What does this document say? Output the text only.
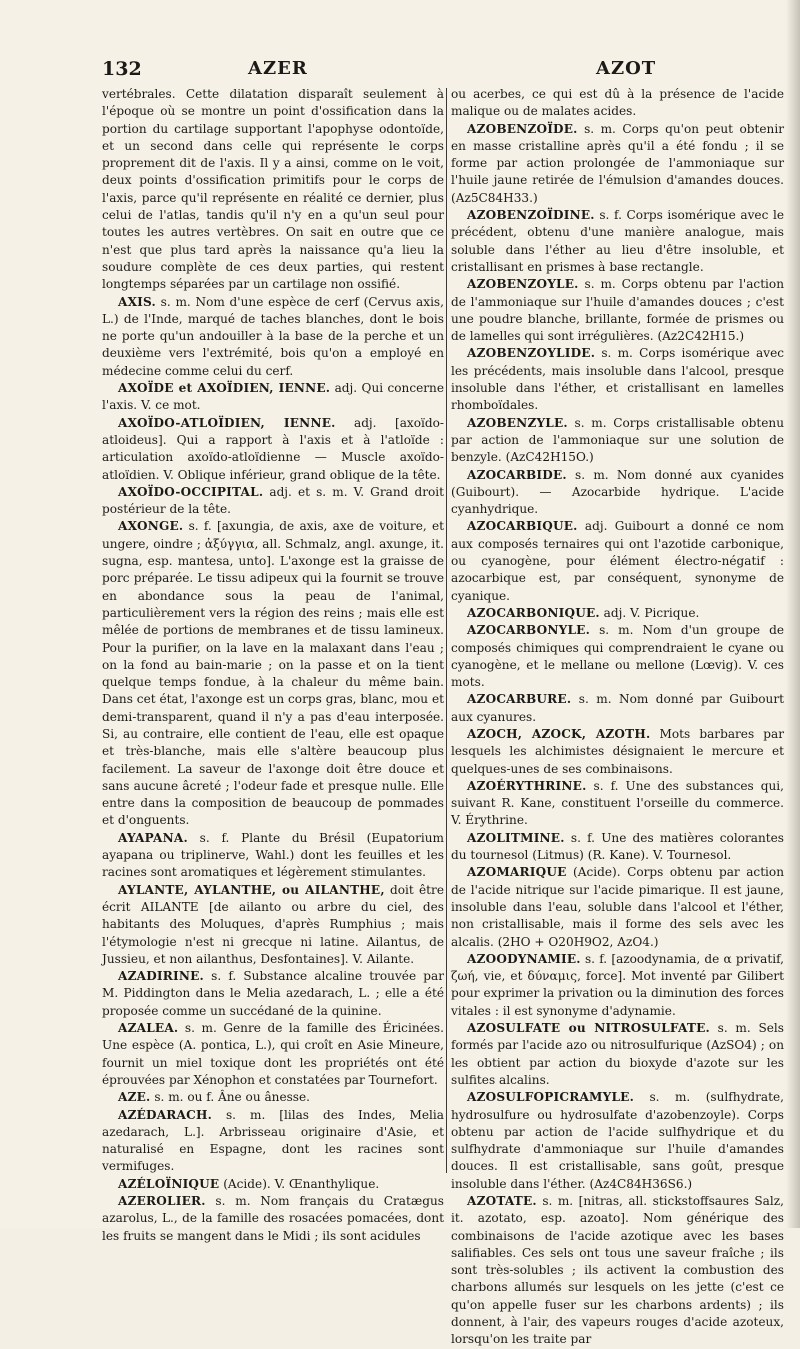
132	AZER	AZOT

vertébrales. Cette dilatation disparaît seulement à l'époque où se montre un point d'ossification dans la portion du cartilage supportant l'apophyse odontoïde, et un second dans celle qui représente le corps proprement dit de l'axis. Il y a ainsi, comme on le voit, deux points d'ossification primitifs pour le corps de l'axis, parce qu'il représente en réalité ce dernier, plus celui de l'atlas, tandis qu'il n'y en a qu'un seul pour toutes les autres vertèbres. On sait en outre que ce n'est que plus tard après la naissance qu'a lieu la soudure complète de ces deux parties, qui restent longtemps séparées par un cartilage non ossifié.

AXIS. s. m. Nom d'une espèce de cerf (Cervus axis, L.) de l'Inde, marqué de taches blanches, dont le bois ne porte qu'un andouiller à la base de la perche et un deuxième vers l'extrémité, bois qu'on a employé en médecine comme celui du cerf.

AXOÏDE et AXOÏDIEN, IENNE. adj. Qui concerne l'axis. V. ce mot.

AXOÏDO-ATLOÏDIEN, IENNE. adj. [axoïdo-atloideus]. Qui a rapport à l'axis et à l'atloïde : articulation axoïdo-atloïdienne — Muscle axoïdo-atloïdien. V. Oblique inférieur, grand oblique de la tête.

AXOÏDO-OCCIPITAL. adj. et s. m. V. Grand droit postérieur de la tête.

AXONGE. s. f. [axungia, de axis, axe de voiture, et ungere, oindre ; ἀξύγγια, all. Schmalz, angl. axunge, it. sugna, esp. mantesa, unto]. L'axonge est la graisse de porc préparée. Le tissu adipeux qui la fournit se trouve en abondance sous la peau de l'animal, particulièrement vers la région des reins ; mais elle est mêlée de portions de membranes et de tissu lamineux. Pour la purifier, on la lave en la malaxant dans l'eau ; on la fond au bain-marie ; on la passe et on la tient quelque temps fondue, à la chaleur du même bain. Dans cet état, l'axonge est un corps gras, blanc, mou et demi-transparent, quand il n'y a pas d'eau interposée. Si, au contraire, elle contient de l'eau, elle est opaque et très-blanche, mais elle s'altère beaucoup plus facilement. La saveur de l'axonge doit être douce et sans aucune âcreté ; l'odeur fade et presque nulle. Elle entre dans la composition de beaucoup de pommades et d'onguents.

AYAPANA. s. f. Plante du Brésil (Eupatorium ayapana ou triplinerve, Wahl.) dont les feuilles et les racines sont aromatiques et légèrement stimulantes.

AYLANTE, AYLANTHE, ou AILANTHE, doit être écrit AILANTE [de ailanto ou arbre du ciel, des habitants des Moluques, d'après Rumphius ; mais l'étymologie n'est ni grecque ni latine. Ailantus, de Jussieu, et non ailanthus, Desfontaines]. V. Ailante.

AZADIRINE. s. f. Substance alcaline trouvée par M. Piddington dans le Melia azedarach, L. ; elle a été proposée comme un succédané de la quinine.

AZALEA. s. m. Genre de la famille des Éricinées. Une espèce (A. pontica, L.), qui croît en Asie Mineure, fournit un miel toxique dont les propriétés ont été éprouvées par Xénophon et constatées par Tournefort.

AZE. s. m. ou f. Âne ou ânesse.

AZÉDARACH. s. m. [lilas des Indes, Melia azedarach, L.]. Arbrisseau originaire d'Asie, et naturalisé en Espagne, dont les racines sont vermifuges.

AZÉLOÏNIQUE (Acide). V. Œnanthylique.

AZEROLIER. s. m. Nom français du Cratægus azarolus, L., de la famille des rosacées pomacées, dont les fruits se mangent dans le Midi ; ils sont acidules

ou acerbes, ce qui est dû à la présence de l'acide malique ou de malates acides.

AZOBENZOÏDE. s. m. Corps qu'on peut obtenir en masse cristalline après qu'il a été fondu ; il se forme par action prolongée de l'ammoniaque sur l'huile jaune retirée de l'émulsion d'amandes douces. (Az5C84H33.)

AZOBENZOÏDINE. s. f. Corps isomérique avec le précédent, obtenu d'une manière analogue, mais soluble dans l'éther au lieu d'être insoluble, et cristallisant en prismes à base rectangle.

AZOBENZOYLE. s. m. Corps obtenu par l'action de l'ammoniaque sur l'huile d'amandes douces ; c'est une poudre blanche, brillante, formée de prismes ou de lamelles qui sont irrégulières. (Az2C42H15.)

AZOBENZOYLIDE. s. m. Corps isomérique avec les précédents, mais insoluble dans l'alcool, presque insoluble dans l'éther, et cristallisant en lamelles rhomboïdales.

AZOBENZYLE. s. m. Corps cristallisable obtenu par action de l'ammoniaque sur une solution de benzyle. (AzC42H15O.)

AZOCARBIDE. s. m. Nom donné aux cyanides (Guibourt). — Azocarbide hydrique. L'acide cyanhydrique.

AZOCARBIQUE. adj. Guibourt a donné ce nom aux composés ternaires qui ont l'azotide carbonique, ou cyanogène, pour élément électro-négatif : azocarbique est, par conséquent, synonyme de cyanique.

AZOCARBONIQUE. adj. V. Picrique.

AZOCARBONYLE. s. m. Nom d'un groupe de composés chimiques qui comprendraient le cyane ou cyanogène, et le mellane ou mellone (Lœvig). V. ces mots.

AZOCARBURE. s. m. Nom donné par Guibourt aux cyanures.

AZOCH, AZOCK, AZOTH. Mots barbares par lesquels les alchimistes désignaient le mercure et quelques-unes de ses combinaisons.

AZOÉRYTHRINE. s. f. Une des substances qui, suivant R. Kane, constituent l'orseille du commerce. V. Érythrine.

AZOLITMINE. s. f. Une des matières colorantes du tournesol (Litmus) (R. Kane). V. Tournesol.

AZOMARIQUE (Acide). Corps obtenu par action de l'acide nitrique sur l'acide pimarique. Il est jaune, insoluble dans l'eau, soluble dans l'alcool et l'éther, non cristallisable, mais il forme des sels avec les alcalis. (2HO + O20H9O2, AzO4.)

AZOODYNAMIE. s. f. [azoodynamia, de α privatif, ζωή, vie, et δύναμις, force]. Mot inventé par Gilibert pour exprimer la privation ou la diminution des forces vitales : il est synonyme d'adynamie.

AZOSULFATE ou NITROSULFATE. s. m. Sels formés par l'acide azo ou nitrosulfurique (AzSO4) ; on les obtient par action du bioxyde d'azote sur les sulfites alcalins.

AZOSULFOPICRAMYLE. s. m. (sulfhydrate, hydrosulfure ou hydrosulfate d'azobenzoyle). Corps obtenu par action de l'acide sulfhydrique et du sulfhydrate d'ammoniaque sur l'huile d'amandes douces. Il est cristallisable, sans goût, presque insoluble dans l'éther. (Az4C84H36S6.)

AZOTATE. s. m. [nitras, all. stickstoffsaures Salz, it. azotato, esp. azoato]. Nom générique des combinaisons de l'acide azotique avec les bases salifiables. Ces sels ont tous une saveur fraîche ; ils sont très-solubles ; ils activent la combustion des charbons allumés sur lesquels on les jette (c'est ce qu'on appelle fuser sur les charbons ardents) ; ils donnent, à l'air, des vapeurs rouges d'acide azoteux, lorsqu'on les traite par
